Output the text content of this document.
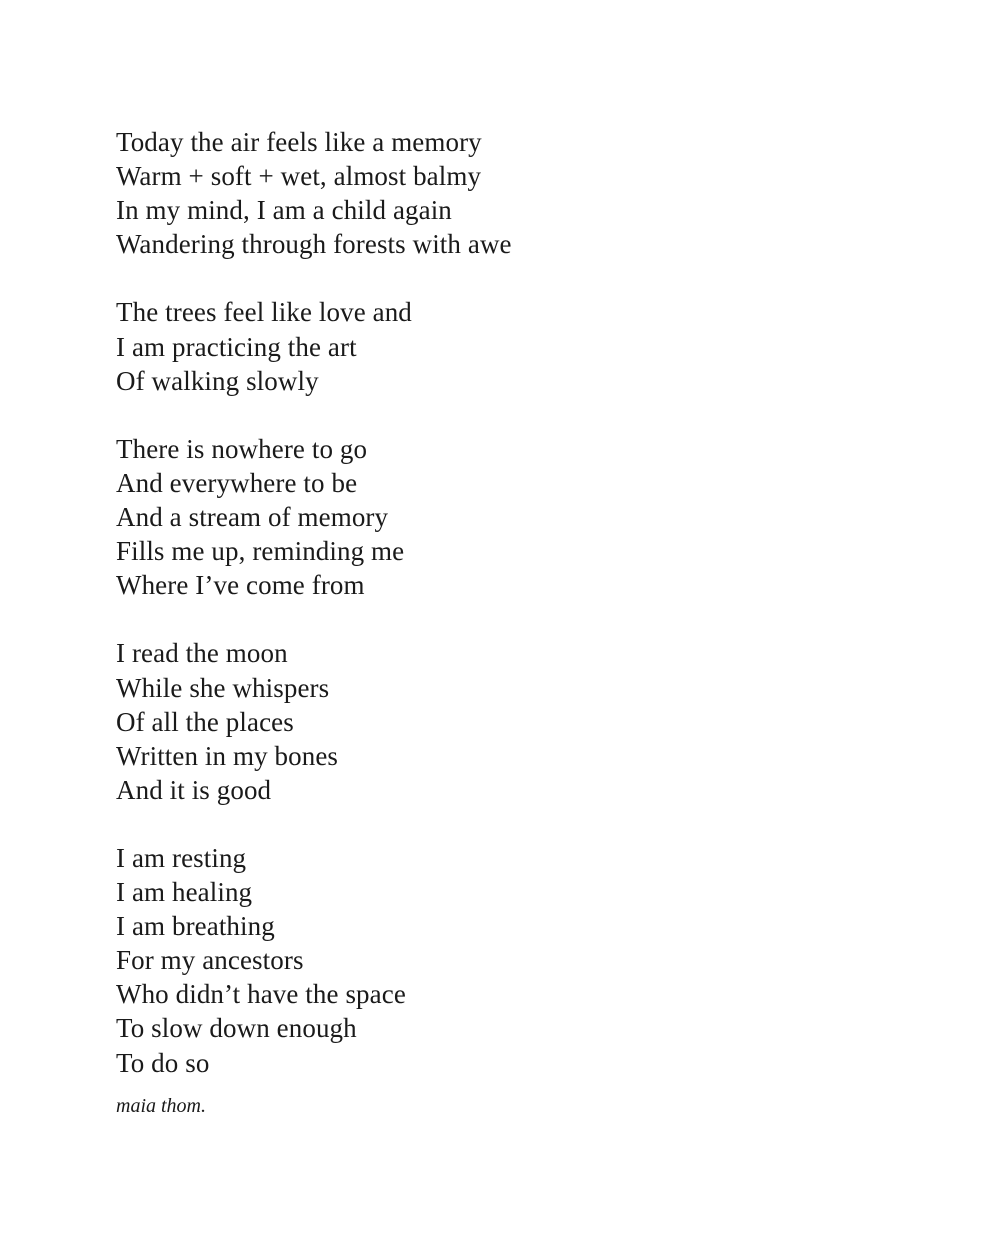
Today the air feels like a memory
Warm + soft + wet, almost balmy
In my mind, I am a child again
Wandering through forests with awe
The trees feel like love and
I am practicing the art
Of walking slowly
There is nowhere to go
And everywhere to be
And a stream of memory
Fills me up, reminding me
Where I’ve come from
I read the moon
While she whispers
Of all the places
Written in my bones
And it is good
I am resting
I am healing
I am breathing
For my ancestors
Who didn’t have the space
To slow down enough
To do so
maia thom.
